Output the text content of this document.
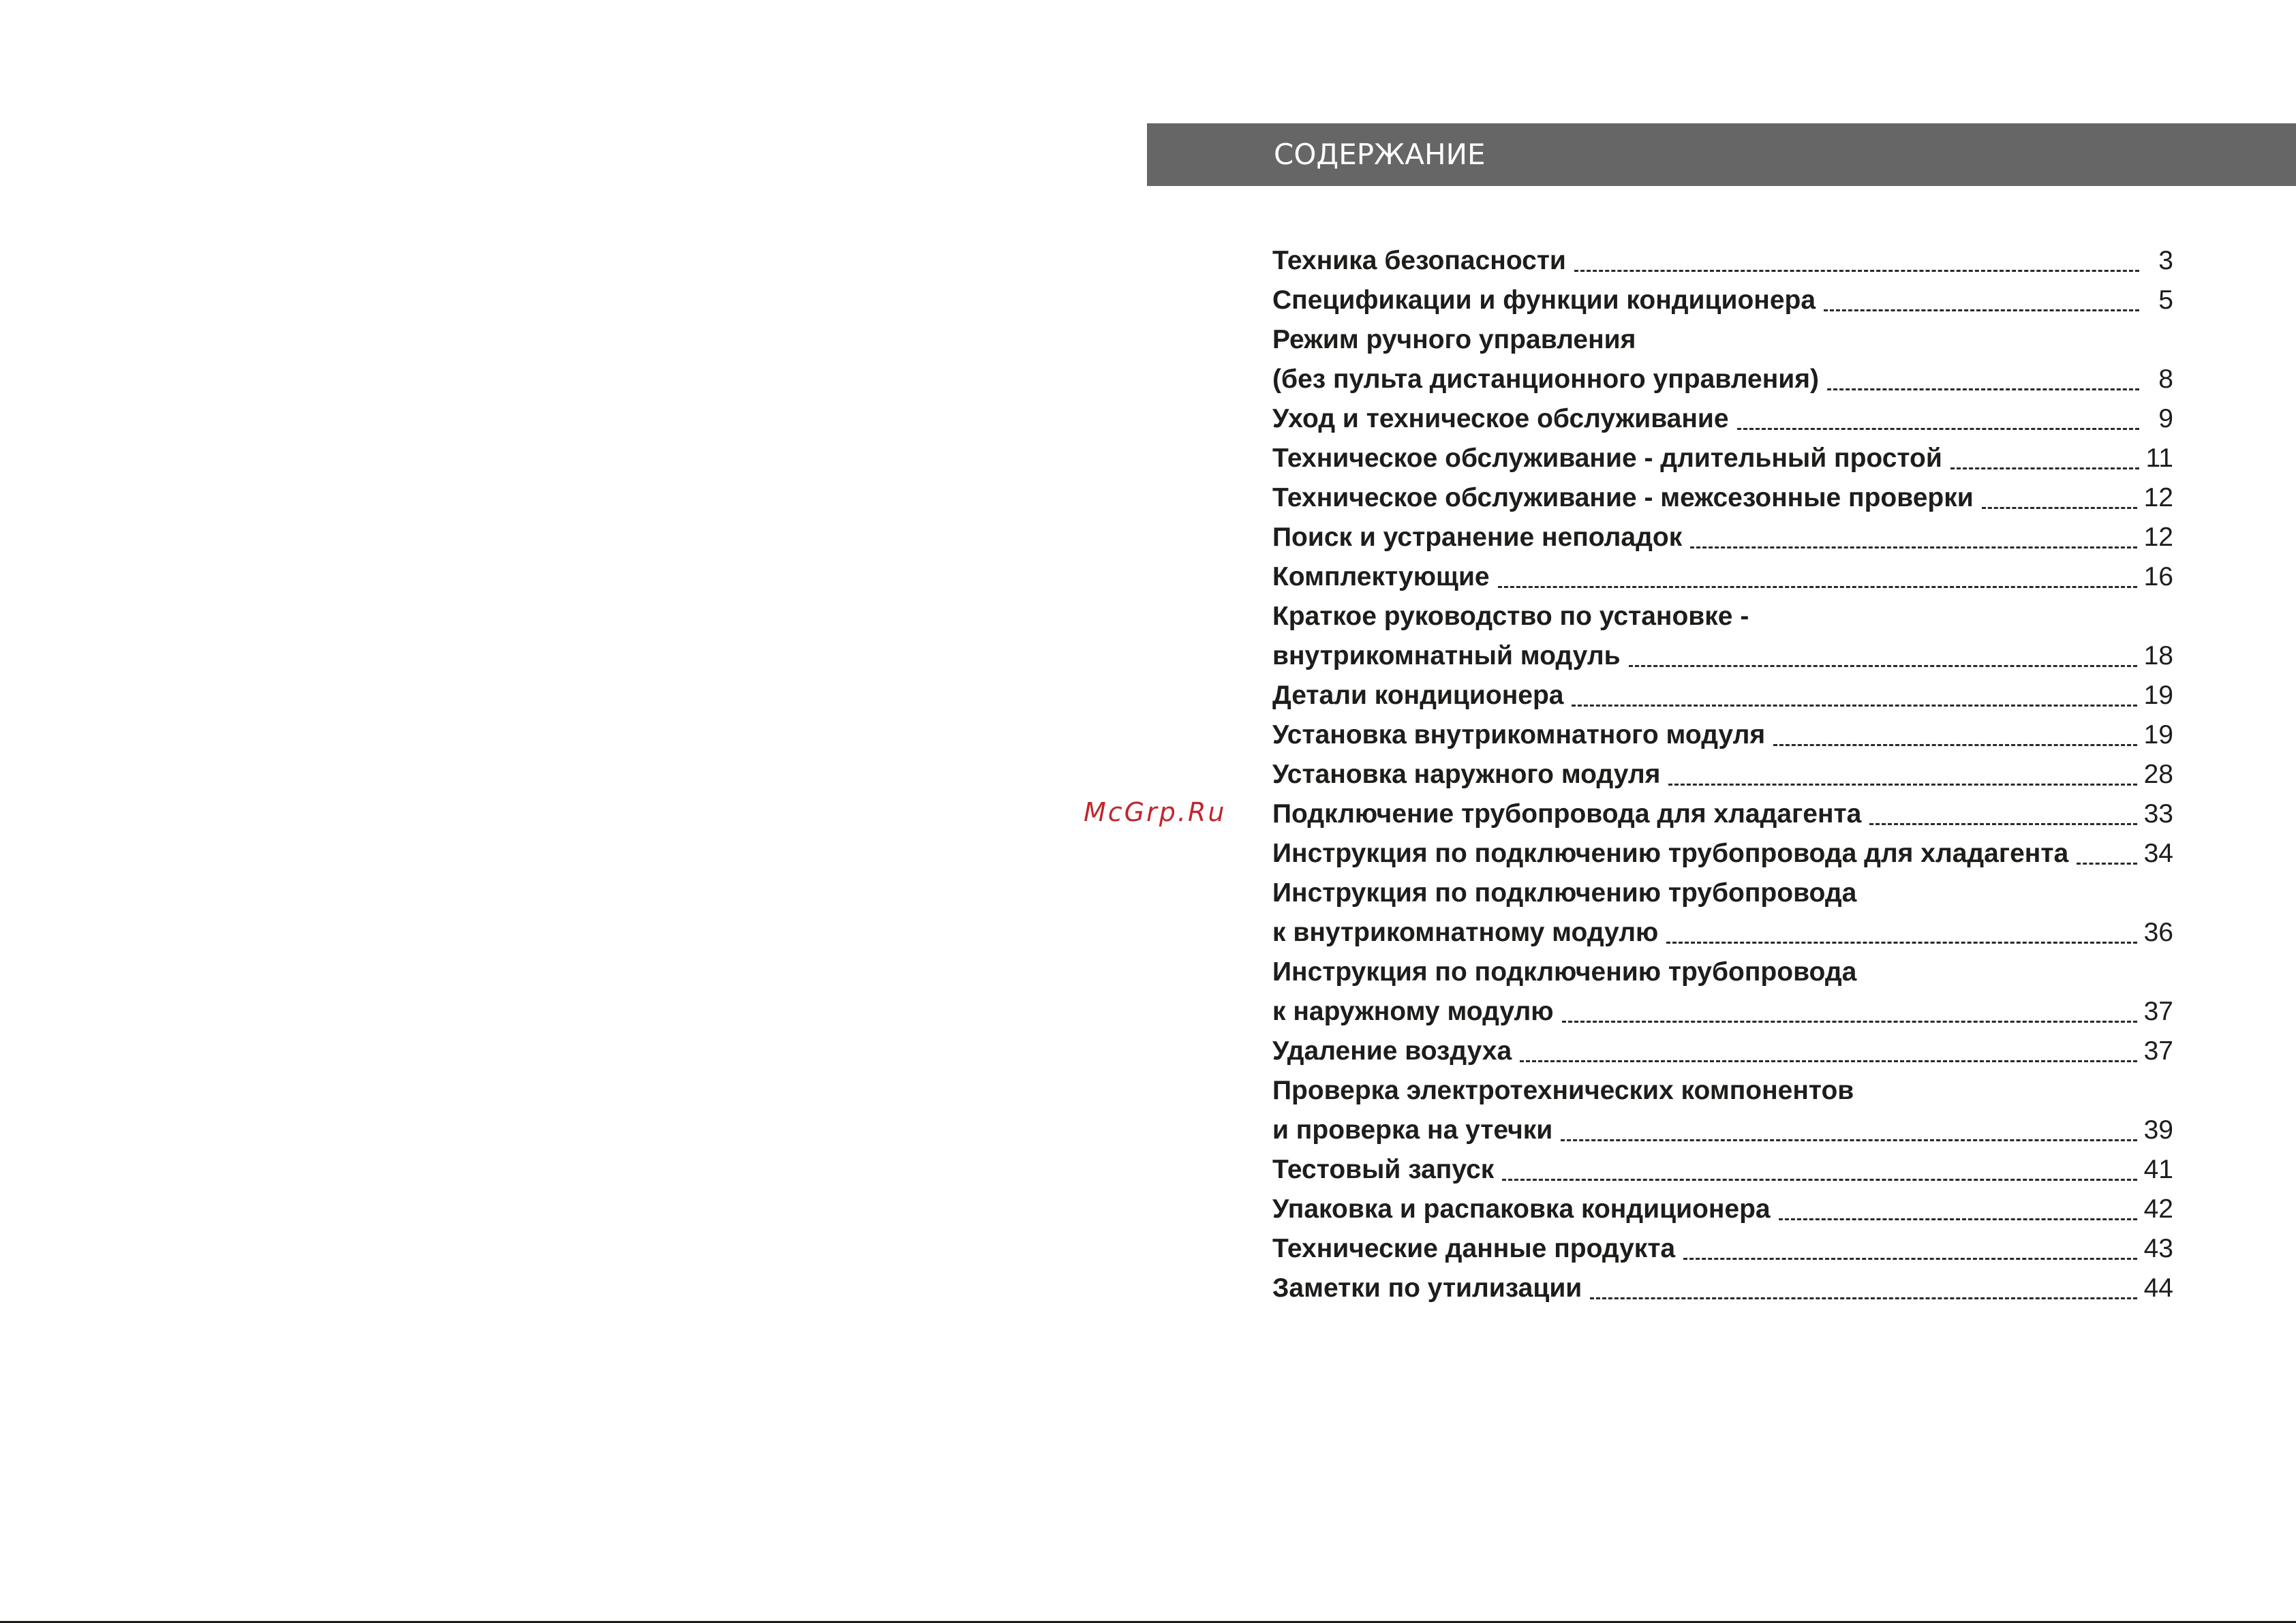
СОДЕРЖАНИЕ
McGrp.Ru
Техника безопасности	3
Спецификации и функции кондиционера	5
Режим ручного управления
(без пульта дистанционного управления)	8
Уход и техническое обслуживание	9
Техническое обслуживание - длительный простой	11
Техническое обслуживание - межсезонные проверки	12
Поиск и устранение неполадок	12
Комплектующие	16
Краткое руководство по установке -
внутрикомнатный модуль	18
Детали кондиционера	19
Установка внутрикомнатного модуля	19
Установка наружного модуля	28
Подключение трубопровода для хладагента	33
Инструкция по подключению трубопровода для хладагента	34
Инструкция по подключению трубопровода
к внутрикомнатному модулю	36
Инструкция по подключению трубопровода
к наружному модулю	37
Удаление воздуха	37
Проверка электротехнических компонентов
и проверка на утечки	39
Тестовый запуск	41
Упаковка и распаковка кондиционера	42
Технические данные продукта	43
Заметки по утилизации	44
